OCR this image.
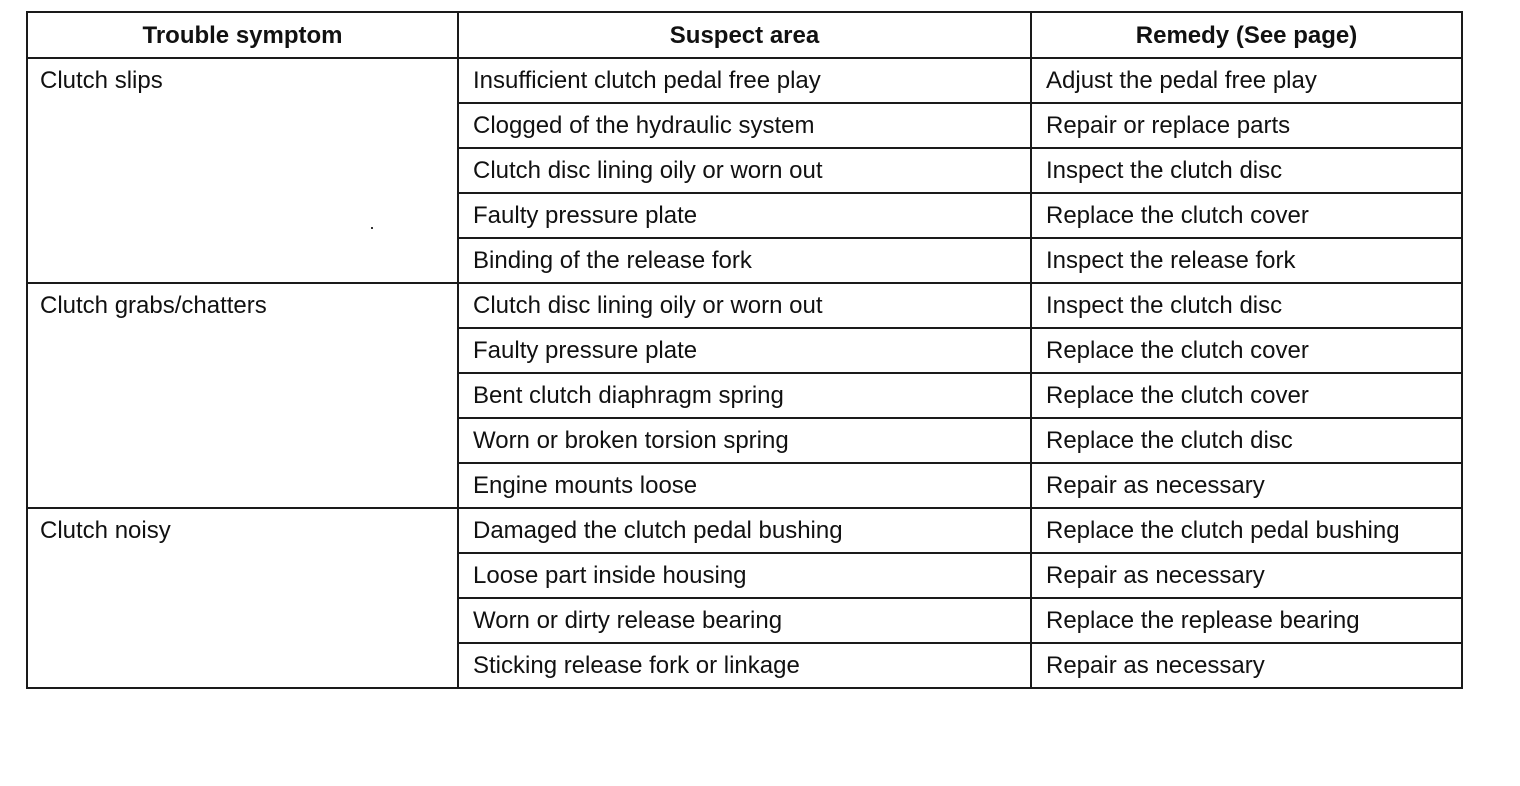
Trouble symptom	Suspect area	Remedy (See page)
Clutch slips	Insufficient clutch pedal free play	Adjust the pedal free play
	Clogged of the hydraulic system	Repair or replace parts
	Clutch disc lining oily or worn out	Inspect the clutch disc
	Faulty pressure plate	Replace the clutch cover
	Binding of the release fork	Inspect the release fork
Clutch grabs/chatters	Clutch disc lining oily or worn out	Inspect the clutch disc
	Faulty pressure plate	Replace the clutch cover
	Bent clutch diaphragm spring	Replace the clutch cover
	Worn or broken torsion spring	Replace the clutch disc
	Engine mounts loose	Repair as necessary
Clutch noisy	Damaged the clutch pedal bushing	Replace the clutch pedal bushing
	Loose part inside housing	Repair as necessary
	Worn or dirty release bearing	Replace the replease bearing
	Sticking release fork or linkage	Repair as necessary
